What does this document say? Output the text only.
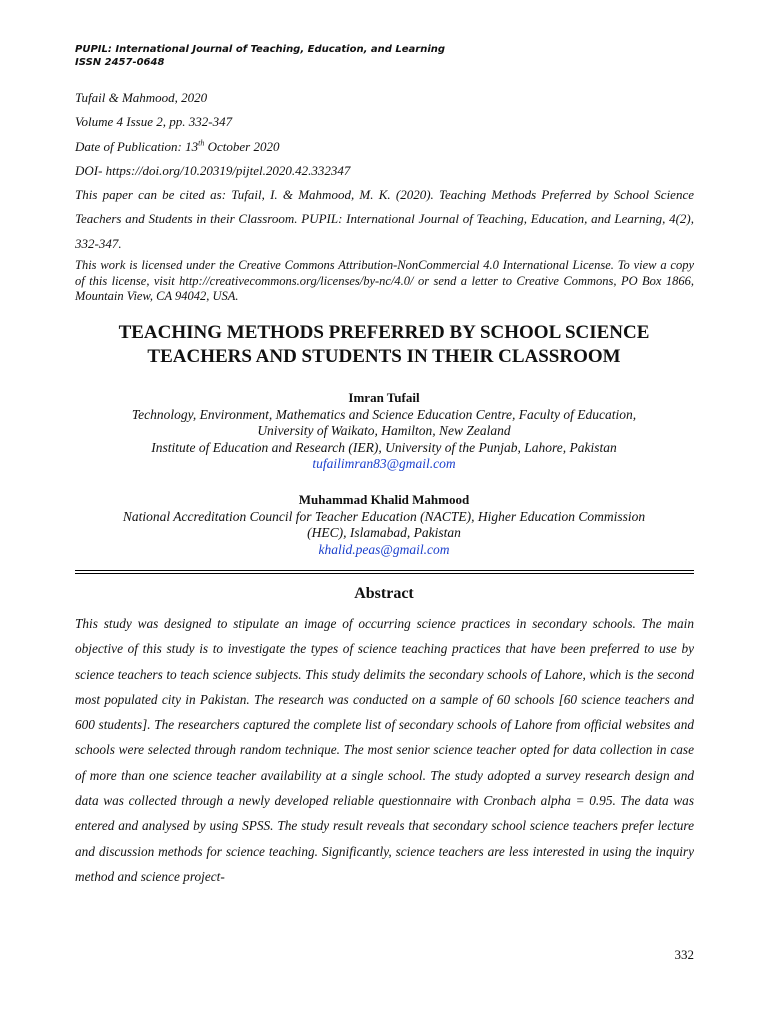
PUPIL: International Journal of Teaching, Education, and Learning
ISSN 2457-0648
Tufail & Mahmood, 2020
Volume 4 Issue 2, pp. 332-347
Date of Publication: 13th October 2020
DOI- https://doi.org/10.20319/pijtel.2020.42.332347
This paper can be cited as: Tufail, I. & Mahmood, M. K. (2020). Teaching Methods Preferred by School Science Teachers and Students in their Classroom. PUPIL: International Journal of Teaching, Education, and Learning, 4(2), 332-347.
This work is licensed under the Creative Commons Attribution-NonCommercial 4.0 International License. To view a copy of this license, visit http://creativecommons.org/licenses/by-nc/4.0/ or send a letter to Creative Commons, PO Box 1866, Mountain View, CA 94042, USA.
TEACHING METHODS PREFERRED BY SCHOOL SCIENCE
TEACHERS AND STUDENTS IN THEIR CLASSROOM
Imran Tufail
Technology, Environment, Mathematics and Science Education Centre, Faculty of Education,
University of Waikato, Hamilton, New Zealand
Institute of Education and Research (IER), University of the Punjab, Lahore, Pakistan
tufailimran83@gmail.com
Muhammad Khalid Mahmood
National Accreditation Council for Teacher Education (NACTE), Higher Education Commission
(HEC), Islamabad, Pakistan
khalid.peas@gmail.com
Abstract
This study was designed to stipulate an image of occurring science practices in secondary schools. The main objective of this study is to investigate the types of science teaching practices that have been preferred to use by science teachers to teach science subjects. This study delimits the secondary schools of Lahore, which is the second most populated city in Pakistan. The research was conducted on a sample of 60 schools [60 science teachers and 600 students]. The researchers captured the complete list of secondary schools of Lahore from official websites and schools were selected through random technique. The most senior science teacher opted for data collection in case of more than one science teacher availability at a single school. The study adopted a survey research design and data was collected through a newly developed reliable questionnaire with Cronbach alpha = 0.95. The data was entered and analysed by using SPSS. The study result reveals that secondary school science teachers prefer lecture and discussion methods for science teaching. Significantly, science teachers are less interested in using the inquiry method and science project-
332
